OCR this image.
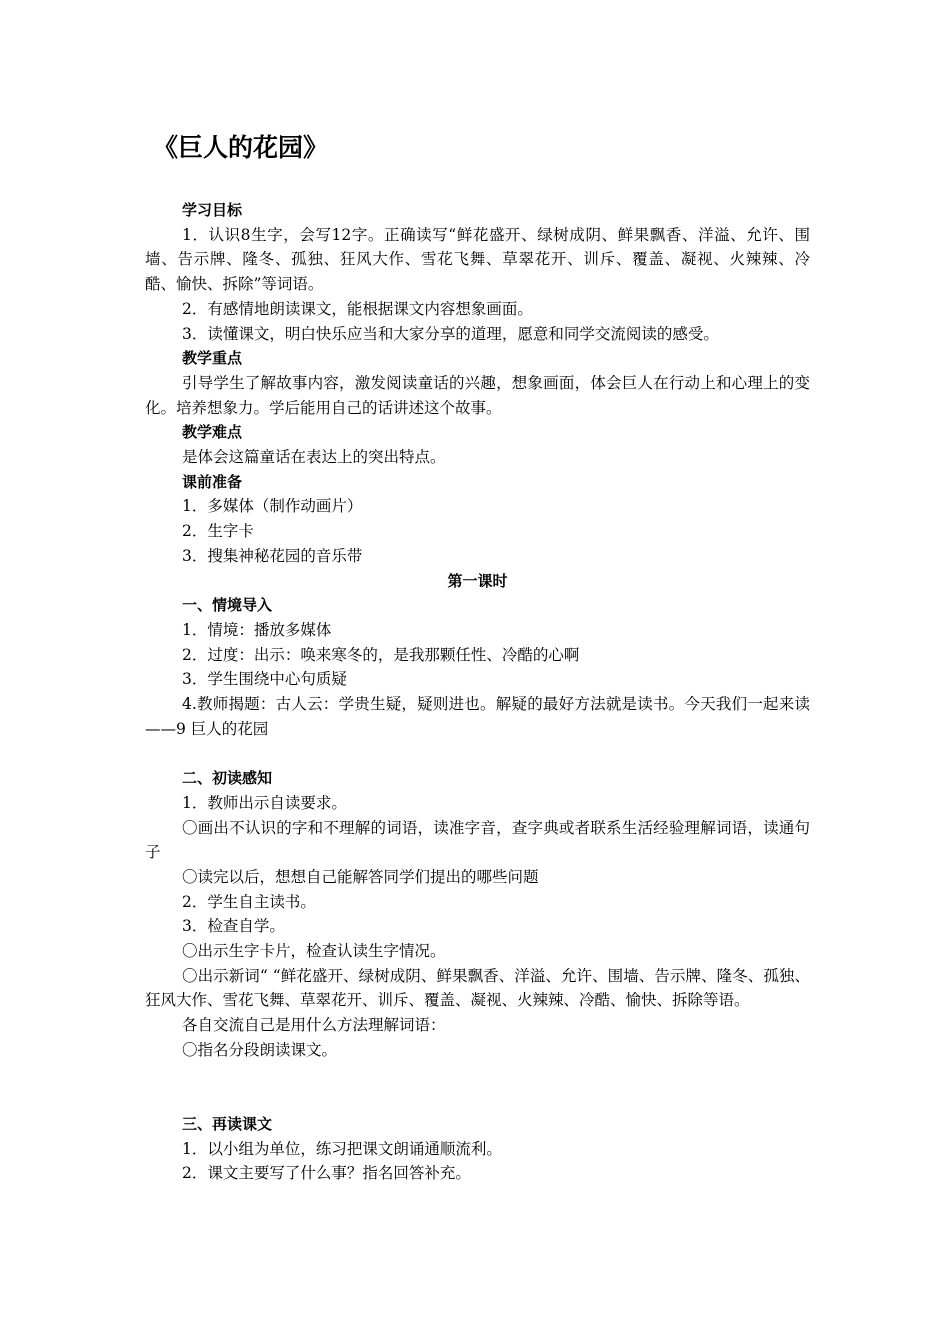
《巨人的花园》

学习目标

1．认识8生字，会写12字。正确读写“鲜花盛开、绿树成阴、鲜果飘香、洋溢、允许、围墙、告示牌、隆冬、孤独、狂风大作、雪花飞舞、草翠花开、训斥、覆盖、凝视、火辣辣、冷酷、愉快、拆除”等词语。

2．有感情地朗读课文，能根据课文内容想象画面。

3．读懂课文，明白快乐应当和大家分享的道理，愿意和同学交流阅读的感受。

教学重点

引导学生了解故事内容，激发阅读童话的兴趣，想象画面，体会巨人在行动上和心理上的变化。培养想象力。学后能用自己的话讲述这个故事。

教学难点

是体会这篇童话在表达上的突出特点。

课前准备

1．多媒体（制作动画片）

2．生字卡

3．搜集神秘花园的音乐带

第一课时

一、情境导入

1．情境：播放多媒体

2．过度：出示：唤来寒冬的，是我那颗任性、冷酷的心啊

3．学生围绕中心句质疑

4.教师揭题：古人云：学贵生疑，疑则进也。解疑的最好方法就是读书。今天我们一起来读——9 巨人的花园

二、初读感知

1．教师出示自读要求。

〇画出不认识的字和不理解的词语，读准字音，查字典或者联系生活经验理解词语，读通句子

〇读完以后，想想自己能解答同学们提出的哪些问题

2．学生自主读书。

3．检查自学。

〇出示生字卡片，检查认读生字情况。

〇出示新词“ “鲜花盛开、绿树成阴、鲜果飘香、洋溢、允许、围墙、告示牌、隆冬、孤独、狂风大作、雪花飞舞、草翠花开、训斥、覆盖、凝视、火辣辣、冷酷、愉快、拆除等语。

各自交流自己是用什么方法理解词语：

〇指名分段朗读课文。

三、再读课文

1．以小组为单位，练习把课文朗诵通顺流利。

2．课文主要写了什么事？指名回答补充。
